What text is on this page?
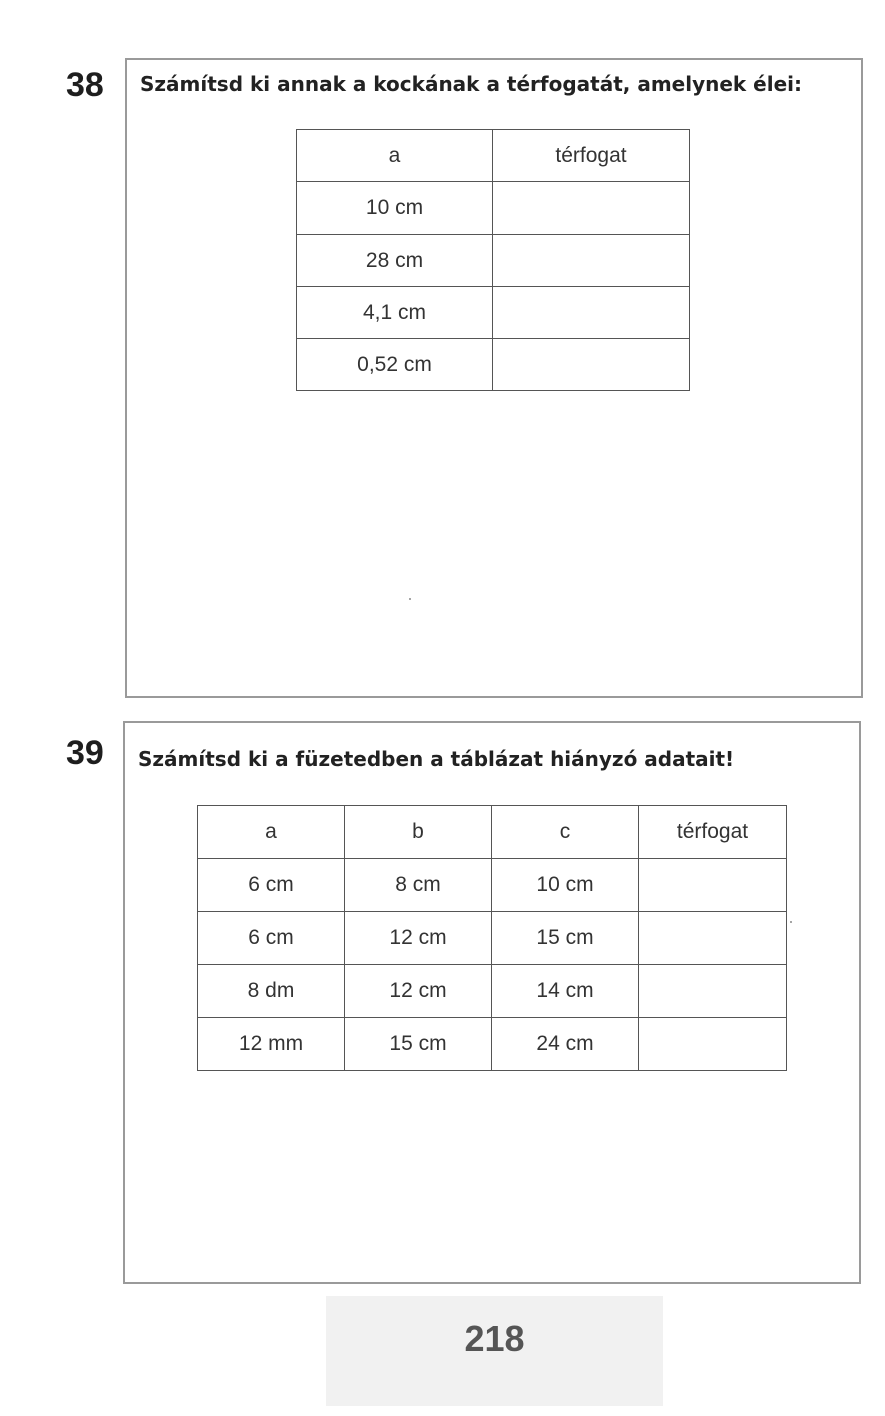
38 Számítsd ki annak a kockának a térfogatát, amelynek élei:
a	térfogat
10 cm	
28 cm	
4,1 cm	
0,52 cm	
39 Számítsd ki a füzetedben a táblázat hiányzó adatait!
a	b	c	térfogat
6 cm	8 cm	10 cm	
6 cm	12 cm	15 cm	
8 dm	12 cm	14 cm	
12 mm	15 cm	24 cm	
218
